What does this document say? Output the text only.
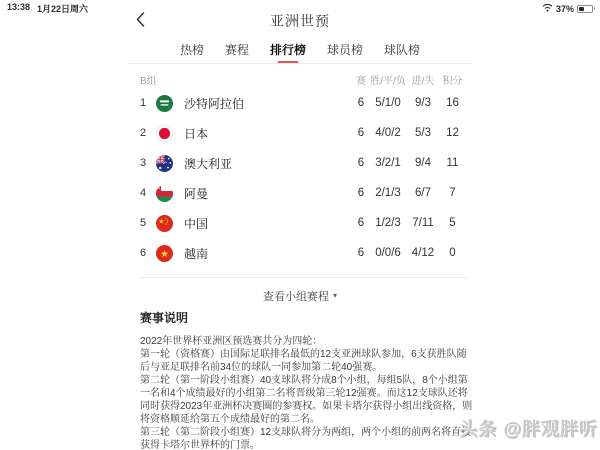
13:38 1月22日周六	37%
亚洲世预
热榜 赛程 排行榜 球员榜 球队榜
B组	赛 胜/平/负 进/失 积分
1	沙特阿拉伯	6 5/1/0	9/3	16
2	日本	6 4/0/2	5/3	12
3	澳大利亚	6 3/2/1	9/4	11
4	阿曼	6 2/1/3	6/7	7
5	中国	6 1/2/3 7/11	5
6	越南	6 0/0/6 4/12	0
查看小组赛程 ▾
赛事说明

2022年世界杯亚洲区预选赛共分为四轮：

第一轮（资格赛）由国际足联排名最低的12支亚洲球队参加，6支获胜队随后与亚足联排名前34位的球队一同参加第二轮40强赛。

第二轮（第一阶段小组赛）40支球队将分成8个小组，每组5队，8个小组第一名和4个成绩最好的小组第二名将晋级第三轮12强赛。而这12支球队还将同时获得2023年亚洲杯决赛圈的参赛权。如果卡塔尔获得小组出线资格，则将资格顺延给第五个成绩最好的第二名。

第三轮（第二阶段小组赛）12支球队将分为两组，两个小组的前两名将直接获得卡塔尔世界杯的门票。

头条 @胖观胖听
